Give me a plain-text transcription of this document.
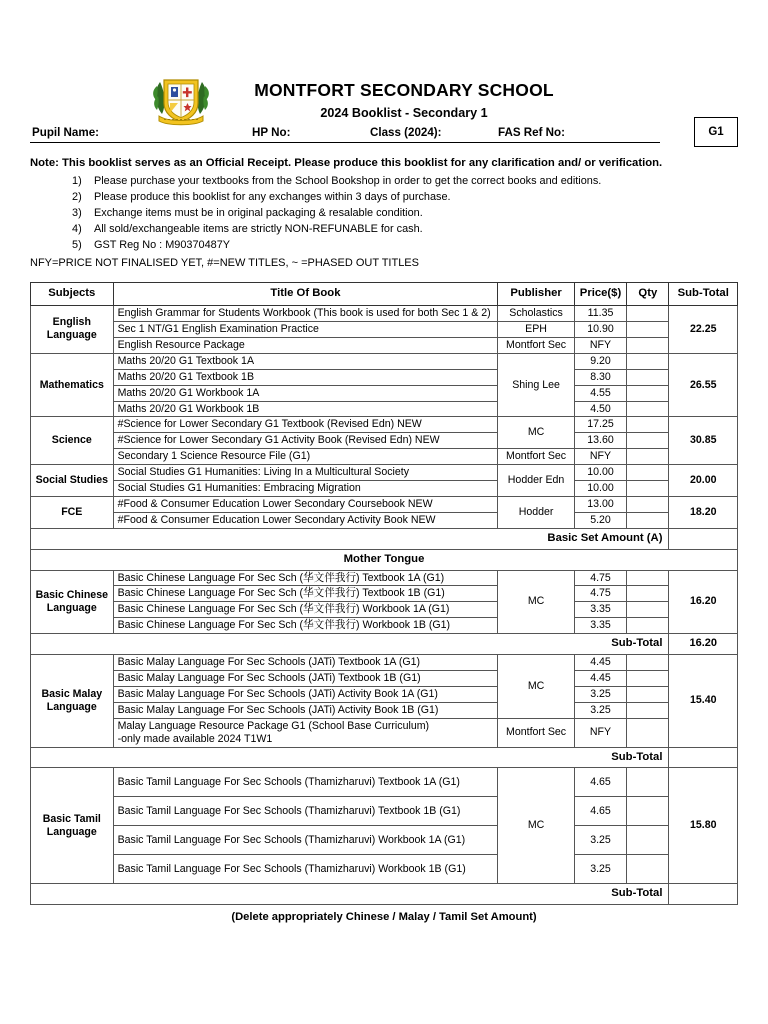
MONTFORT SECONDARY SCHOOL
2024 Booklist - Secondary 1
G1
Pupil Name:	HP No:	Class (2024):	FAS Ref No:
Note: This booklist serves as an Official Receipt. Please produce this booklist for any clarification and/ or verification.
Please purchase your textbooks from the School Bookshop in order to get the correct books and editions.
Please produce this booklist for any exchanges within 3 days of purchase.
Exchange items must be in original packaging & resalable condition.
All sold/exchangeable items are strictly NON-REFUNABLE for cash.
GST Reg No : M90370487Y
NFY=PRICE NOT FINALISED YET, #=NEW TITLES, ~ =PHASED OUT TITLES
Subjects	Title Of Book	Publisher	Price($)	Qty	Sub-Total
English
Language	English Grammar for Students Workbook (This book is used for both Sec 1 & 2)	Scholastics	11.35		22.25
	Sec 1 NT/G1 English Examination Practice	EPH	10.90		
	English Resource Package	Montfort Sec	NFY		
Mathematics	Maths 20/20 G1 Textbook 1A	Shing Lee	9.20		26.55
	Maths 20/20 G1 Textbook 1B		8.30		
	Maths 20/20 G1 Workbook 1A		4.55		
	Maths 20/20 G1 Workbook 1B		4.50		
Science	#Science for Lower Secondary G1 Textbook (Revised Edn) NEW	MC	17.25		30.85
	#Science for Lower Secondary G1 Activity Book (Revised Edn) NEW		13.60		
	Secondary 1 Science Resource File (G1)	Montfort Sec	NFY		
Social Studies	Social Studies G1 Humanities: Living In a Multicultural Society	Hodder Edn	10.00		20.00
	Social Studies G1 Humanities: Embracing Migration		10.00		
FCE	#Food & Consumer Education Lower Secondary Coursebook NEW	Hodder	13.00		18.20
	#Food & Consumer Education Lower Secondary Activity Book NEW		5.20		
Basic Set Amount (A)					
Mother Tongue					
Basic Chinese
Language	Basic Chinese Language For Sec Sch (华文伴我行) Textbook 1A (G1)	MC	4.75		16.20
	Basic Chinese Language For Sec Sch (华文伴我行) Textbook 1B (G1)		4.75		
	Basic Chinese Language For Sec Sch (华文伴我行) Workbook 1A (G1)		3.35		
	Basic Chinese Language For Sec Sch (华文伴我行) Workbook 1B (G1)		3.35		
Sub-Total					16.20
Basic Malay
Language	Basic Malay Language For Sec Schools (JATi) Textbook 1A (G1)	MC	4.45		15.40
	Basic Malay Language For Sec Schools (JATi) Textbook 1B (G1)		4.45		
	Basic Malay Language For Sec Schools (JATi) Activity Book 1A (G1)		3.25		
	Basic Malay Language For Sec Schools (JATi) Activity Book 1B (G1)		3.25		
	Malay Language Resource Package G1 (School Base Curriculum)
-only made available 2024 T1W1	Montfort Sec	NFY		
Sub-Total					
Basic Tamil
Language	Basic Tamil Language For Sec Schools (Thamizharuvi) Textbook 1A (G1)	MC	4.65		15.80
	Basic Tamil Language For Sec Schools (Thamizharuvi) Textbook 1B (G1)		4.65		
	Basic Tamil Language For Sec Schools (Thamizharuvi) Workbook 1A (G1)		3.25		
	Basic Tamil Language For Sec Schools (Thamizharuvi) Workbook 1B (G1)		3.25		
Sub-Total					
(Delete appropriately Chinese / Malay / Tamil Set Amount)
